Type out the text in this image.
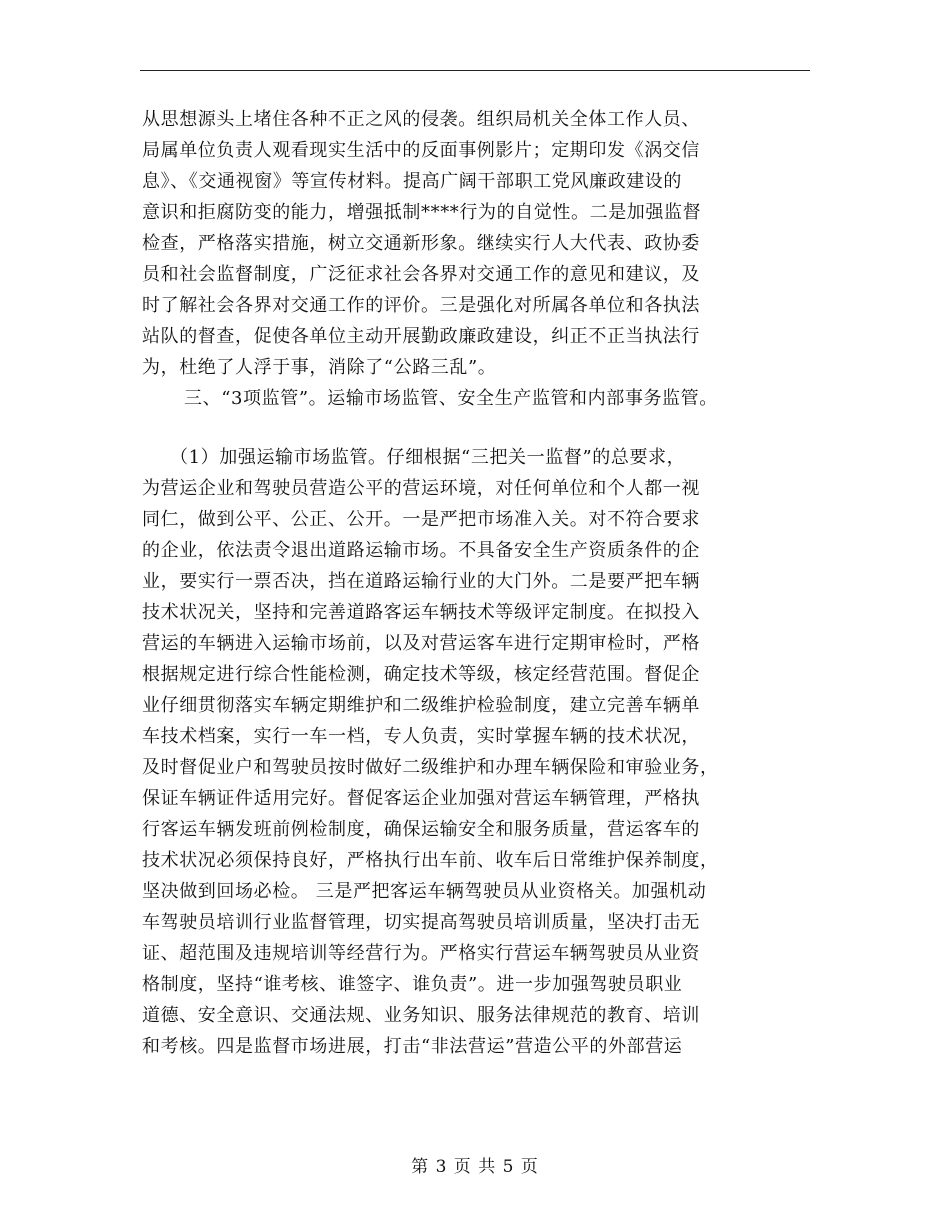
从思想源头上堵住各种不正之风的侵袭。组织局机关全体工作人员、
局属单位负责人观看现实生活中的反面事例影片；定期印发《涡交信
息》、《交通视窗》等宣传材料。提高广阔干部职工党风廉政建设的
意识和拒腐防变的能力，增强抵制****行为的自觉性。二是加强监督
检查，严格落实措施，树立交通新形象。继续实行人大代表、政协委
员和社会监督制度，广泛征求社会各界对交通工作的意见和建议，及
时了解社会各界对交通工作的评价。三是强化对所属各单位和各执法
站队的督查，促使各单位主动开展勤政廉政建设，纠正不正当执法行
为，杜绝了人浮于事，消除了“公路三乱”。
三、“3项监管”。运输市场监管、安全生产监管和内部事务监管。
（1）加强运输市场监管。仔细根据“三把关一监督”的总要求，
为营运企业和驾驶员营造公平的营运环境，对任何单位和个人都一视
同仁，做到公平、公正、公开。一是严把市场准入关。对不符合要求
的企业，依法责令退出道路运输市场。不具备安全生产资质条件的企
业，要实行一票否决，挡在道路运输行业的大门外。二是要严把车辆
技术状况关，坚持和完善道路客运车辆技术等级评定制度。在拟投入
营运的车辆进入运输市场前，以及对营运客车进行定期审检时，严格
根据规定进行综合性能检测，确定技术等级，核定经营范围。督促企
业仔细贯彻落实车辆定期维护和二级维护检验制度，建立完善车辆单
车技术档案，实行一车一档，专人负责，实时掌握车辆的技术状况，
及时督促业户和驾驶员按时做好二级维护和办理车辆保险和审验业务，
保证车辆证件适用完好。督促客运企业加强对营运车辆管理，严格执
行客运车辆发班前例检制度，确保运输安全和服务质量，营运客车的
技术状况必须保持良好，严格执行出车前、收车后日常维护保养制度，
坚决做到回场必检。 三是严把客运车辆驾驶员从业资格关。加强机动
车驾驶员培训行业监督管理，切实提高驾驶员培训质量，坚决打击无
证、超范围及违规培训等经营行为。严格实行营运车辆驾驶员从业资
格制度，坚持“谁考核、谁签字、谁负责”。进一步加强驾驶员职业
道德、安全意识、交通法规、业务知识、服务法律规范的教育、培训
和考核。四是监督市场进展，打击“非法营运”营造公平的外部营运
第 3 页 共 5 页
